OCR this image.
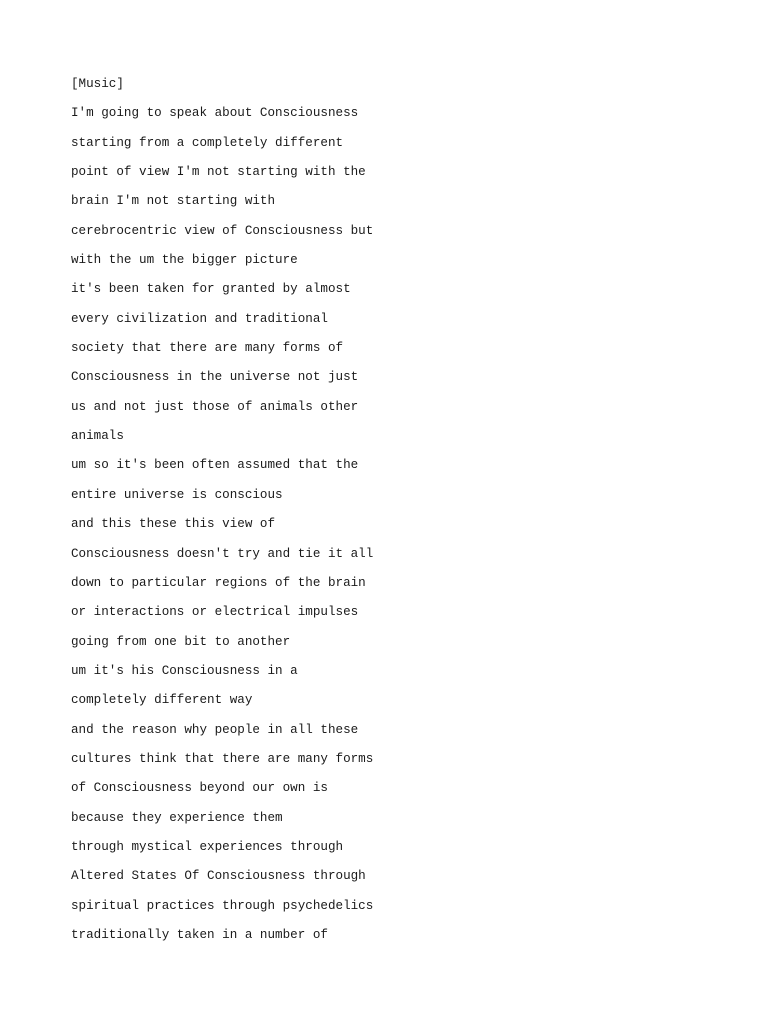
[Music]
I'm going to speak about Consciousness
starting from a completely different
point of view I'm not starting with the
brain I'm not starting with
cerebrocentric view of Consciousness but
with the um the bigger picture
it's been taken for granted by almost
every civilization and traditional
society that there are many forms of
Consciousness in the universe not just
us and not just those of animals other
animals
um so it's been often assumed that the
entire universe is conscious
and this these this view of
Consciousness doesn't try and tie it all
down to particular regions of the brain
or interactions or electrical impulses
going from one bit to another
um it's his Consciousness in a
completely different way
and the reason why people in all these
cultures think that there are many forms
of Consciousness beyond our own is
because they experience them
through mystical experiences through
Altered States Of Consciousness through
spiritual practices through psychedelics
traditionally taken in a number of
